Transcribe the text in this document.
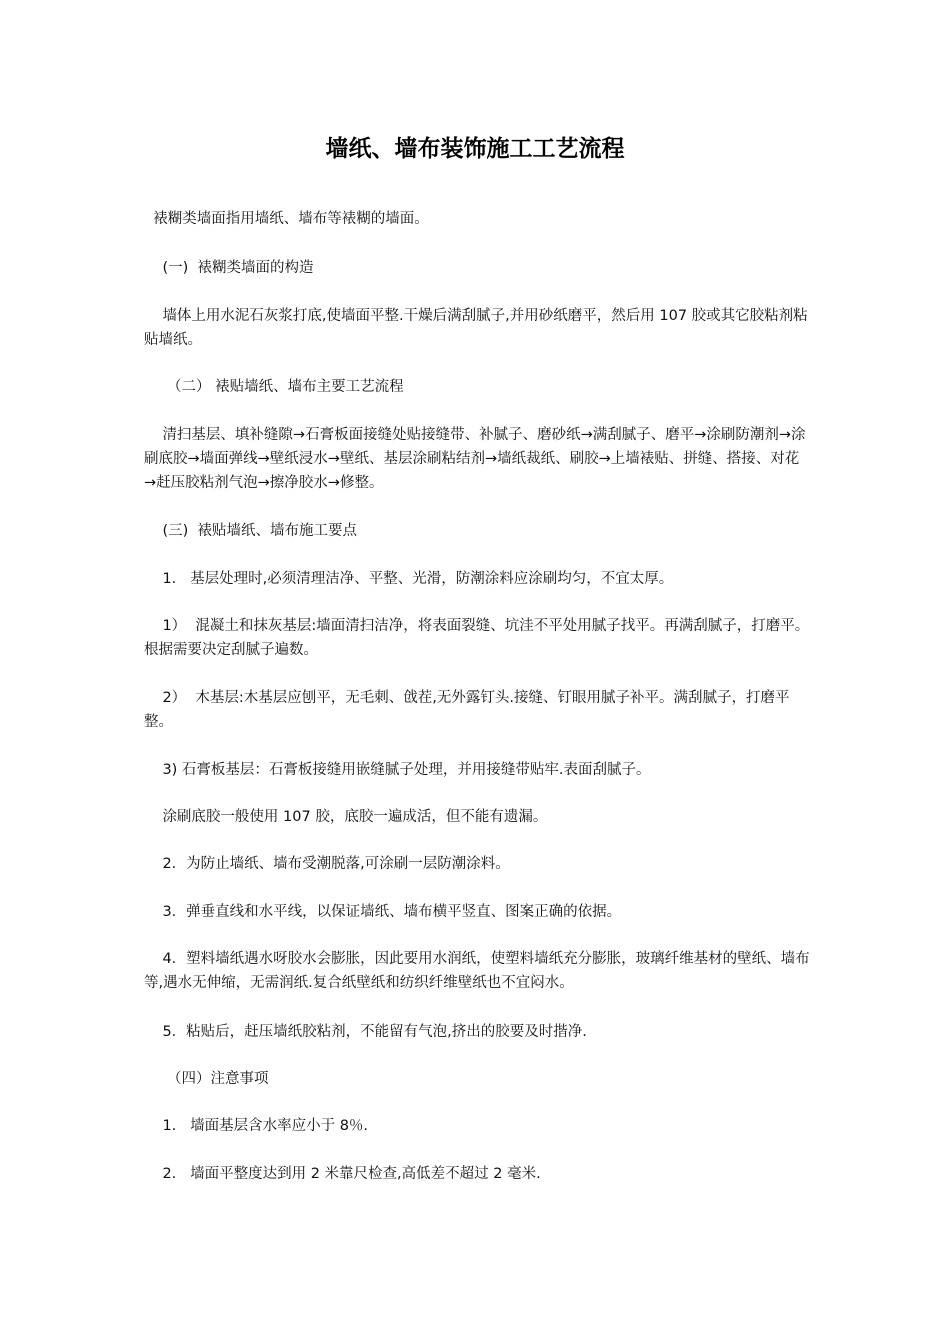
墙纸、墙布装饰施工工艺流程
裱糊类墙面指用墙纸、墙布等裱糊的墙面。
(一)  裱糊类墙面的构造
墙体上用水泥石灰浆打底,使墙面平整.干燥后满刮腻子,并用砂纸磨平，然后用 107 胶或其它胶粘剂粘贴墙纸。
（二） 裱贴墙纸、墙布主要工艺流程
清扫基层、填补缝隙→石膏板面接缝处贴接缝带、补腻子、磨砂纸→满刮腻子、磨平→涂刷防潮剂→涂刷底胶→墙面弹线→壁纸浸水→壁纸、基层涂刷粘结剂→墙纸裁纸、刷胶→上墙裱贴、拼缝、搭接、对花→赶压胶粘剂气泡→擦净胶水→修整。
(三)  裱贴墙纸、墙布施工要点
1.   基层处理时,必须清理洁净、平整、光滑，防潮涂料应涂刷均匀，不宜太厚。
1）  混凝土和抹灰基层:墙面清扫洁净，将表面裂缝、坑洼不平处用腻子找平。再满刮腻子，打磨平。根据需要决定刮腻子遍数。
2）  木基层:木基层应刨平，无毛刺、戗茬,无外露钉头.接缝、钉眼用腻子补平。满刮腻子，打磨平整。
3) 石膏板基层：石膏板接缝用嵌缝腻子处理，并用接缝带贴牢.表面刮腻子。
涂刷底胶一般使用 107 胶，底胶一遍成活，但不能有遗漏。
2．为防止墙纸、墙布受潮脱落,可涂刷一层防潮涂料。
3．弹垂直线和水平线，以保证墙纸、墙布横平竖直、图案正确的依据。
4．塑料墙纸遇水呀胶水会膨胀，因此要用水润纸，使塑料墙纸充分膨胀，玻璃纤维基材的壁纸、墙布等,遇水无伸缩，无需润纸.复合纸壁纸和纺织纤维壁纸也不宜闷水。
5．粘贴后，赶压墙纸胶粘剂，不能留有气泡,挤出的胶要及时揩净.
（四）注意事项
1.   墙面基层含水率应小于 8％.
2.   墙面平整度达到用 2 米靠尺检查,高低差不超过 2 毫米.
